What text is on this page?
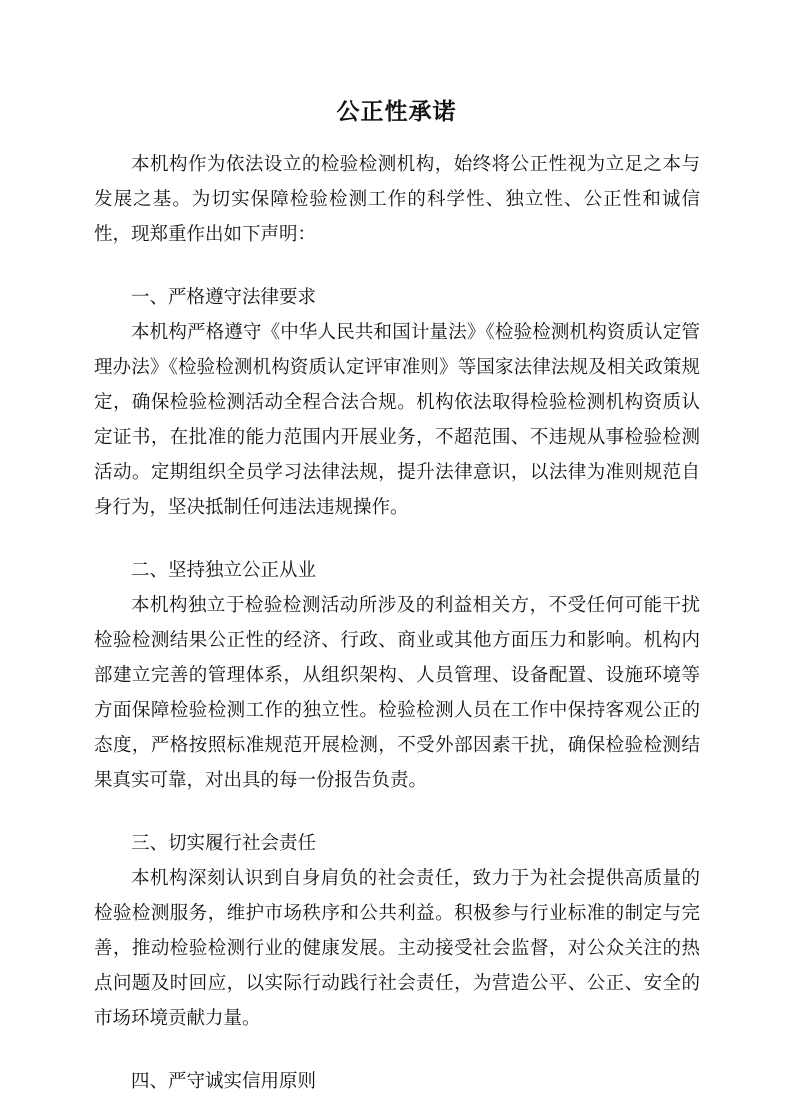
公正性承诺

本机构作为依法设立的检验检测机构，始终将公正性视为立足之本与发展之基。为切实保障检验检测工作的科学性、独立性、公正性和诚信性，现郑重作出如下声明：

一、严格遵守法律要求

本机构严格遵守《中华人民共和国计量法》《检验检测机构资质认定管理办法》《检验检测机构资质认定评审准则》等国家法律法规及相关政策规定，确保检验检测活动全程合法合规。机构依法取得检验检测机构资质认定证书，在批准的能力范围内开展业务，不超范围、不违规从事检验检测活动。定期组织全员学习法律法规，提升法律意识，以法律为准则规范自身行为，坚决抵制任何违法违规操作。

二、坚持独立公正从业

本机构独立于检验检测活动所涉及的利益相关方，不受任何可能干扰检验检测结果公正性的经济、行政、商业或其他方面压力和影响。机构内部建立完善的管理体系，从组织架构、人员管理、设备配置、设施环境等方面保障检验检测工作的独立性。检验检测人员在工作中保持客观公正的态度，严格按照标准规范开展检测，不受外部因素干扰，确保检验检测结果真实可靠，对出具的每一份报告负责。

三、切实履行社会责任

本机构深刻认识到自身肩负的社会责任，致力于为社会提供高质量的检验检测服务，维护市场秩序和公共利益。积极参与行业标准的制定与完善，推动检验检测行业的健康发展。主动接受社会监督，对公众关注的热点问题及时回应，以实际行动践行社会责任，为营造公平、公正、安全的市场环境贡献力量。

四、严守诚实信用原则
